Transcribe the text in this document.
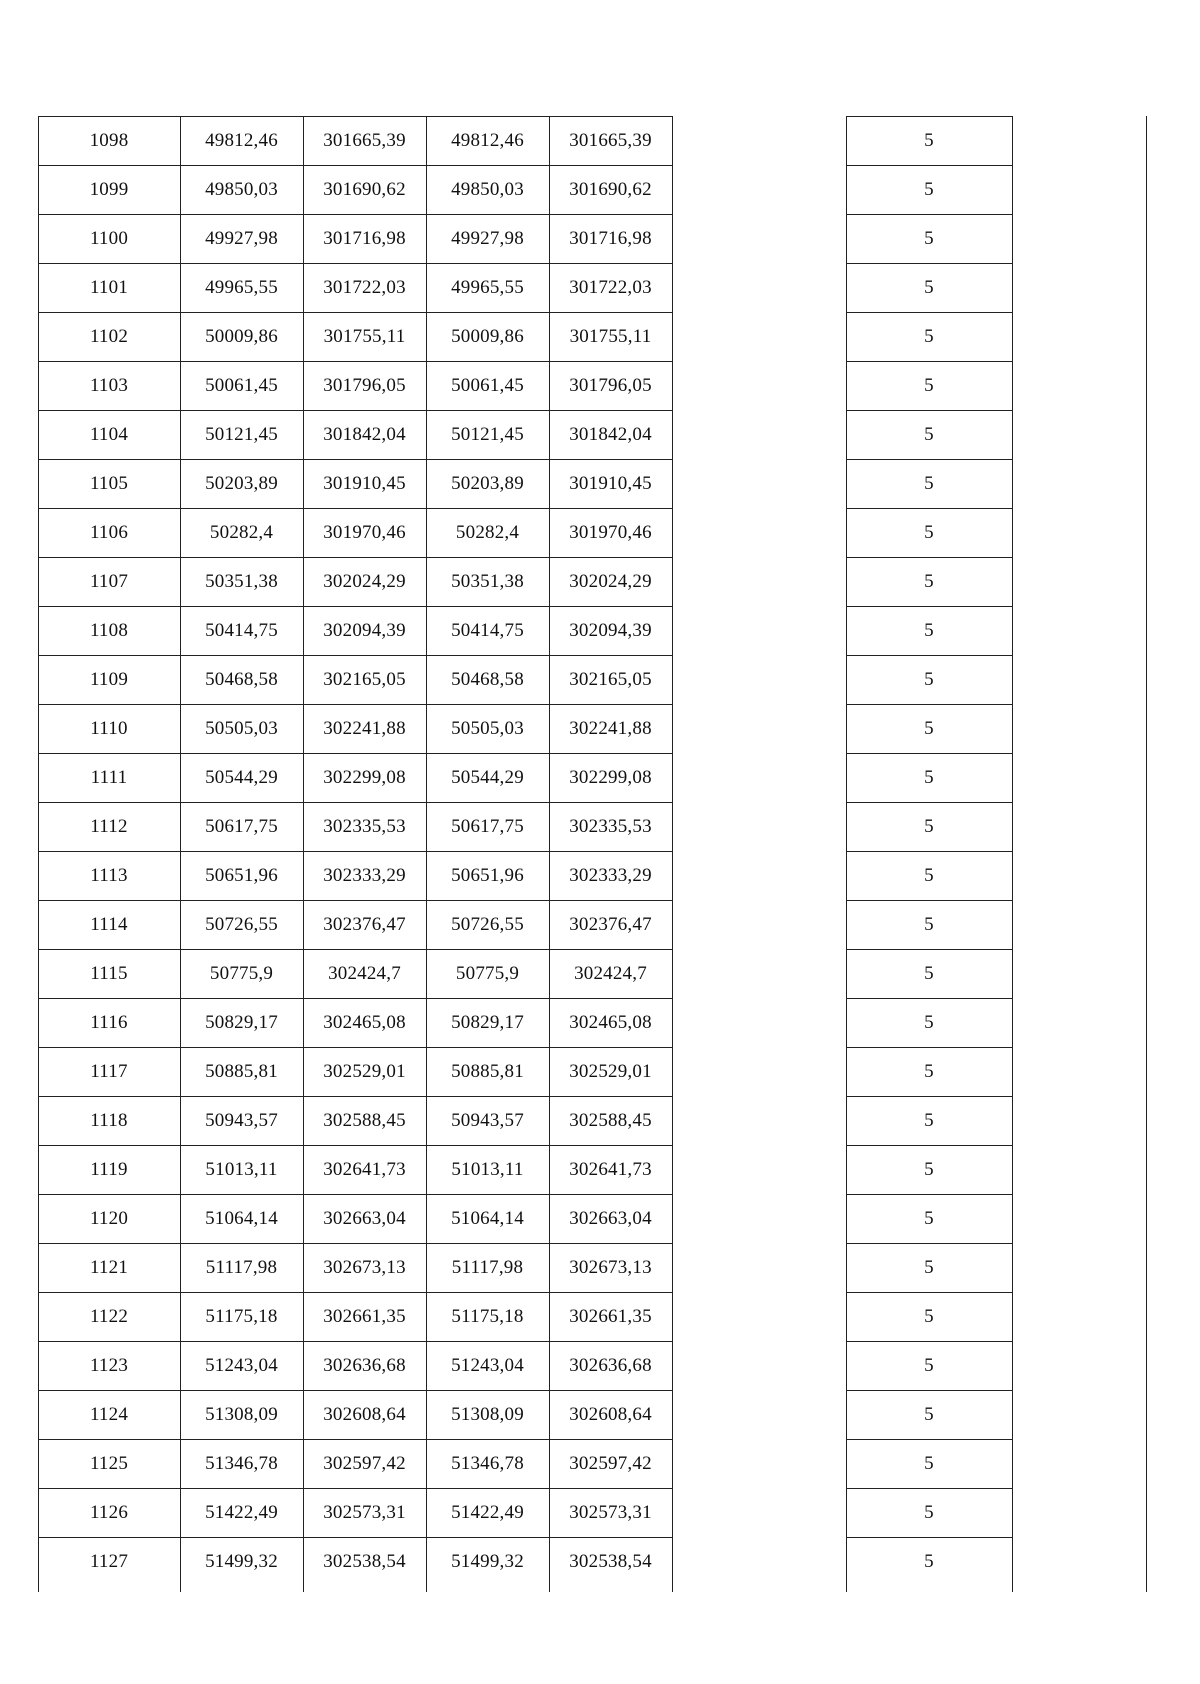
1098	49812,46	301665,39	49812,46	301665,39	5
1099	49850,03	301690,62	49850,03	301690,62	5
1100	49927,98	301716,98	49927,98	301716,98	5
1101	49965,55	301722,03	49965,55	301722,03	5
1102	50009,86	301755,11	50009,86	301755,11	5
1103	50061,45	301796,05	50061,45	301796,05	5
1104	50121,45	301842,04	50121,45	301842,04	5
1105	50203,89	301910,45	50203,89	301910,45	5
1106	50282,4	301970,46	50282,4	301970,46	5
1107	50351,38	302024,29	50351,38	302024,29	5
1108	50414,75	302094,39	50414,75	302094,39	5
1109	50468,58	302165,05	50468,58	302165,05	5
1110	50505,03	302241,88	50505,03	302241,88	5
1111	50544,29	302299,08	50544,29	302299,08	5
1112	50617,75	302335,53	50617,75	302335,53	5
1113	50651,96	302333,29	50651,96	302333,29	5
1114	50726,55	302376,47	50726,55	302376,47	5
1115	50775,9	302424,7	50775,9	302424,7	5
1116	50829,17	302465,08	50829,17	302465,08	5
1117	50885,81	302529,01	50885,81	302529,01	5
1118	50943,57	302588,45	50943,57	302588,45	5
1119	51013,11	302641,73	51013,11	302641,73	5
1120	51064,14	302663,04	51064,14	302663,04	5
1121	51117,98	302673,13	51117,98	302673,13	5
1122	51175,18	302661,35	51175,18	302661,35	5
1123	51243,04	302636,68	51243,04	302636,68	5
1124	51308,09	302608,64	51308,09	302608,64	5
1125	51346,78	302597,42	51346,78	302597,42	5
1126	51422,49	302573,31	51422,49	302573,31	5
1127	51499,32	302538,54	51499,32	302538,54	5
